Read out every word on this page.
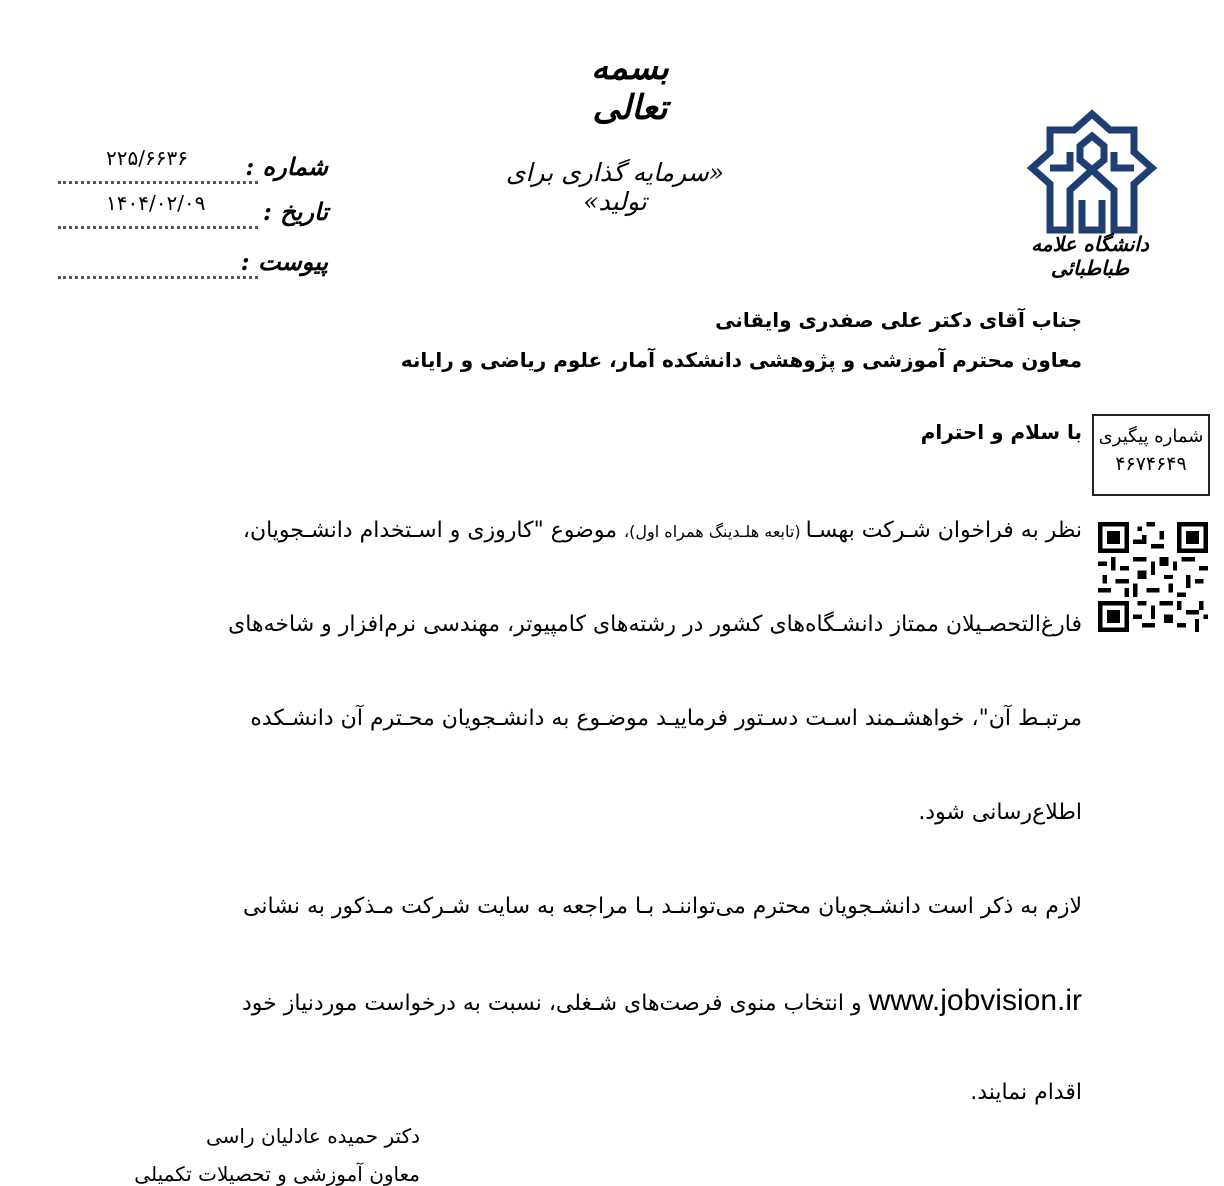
بسمه تعالی
«سرمایه گذاری برای تولید»
شماره :
۲۲۵/۶۶۳۶
تاریخ :
۱۴۰۴/۰۲/۰۹
پیوست :
دانشگاه علامه طباطبائی
جناب آقای دکتر علی صفدری وایقانی
معاون محترم آموزشی و پژوهشی دانشکده آمار، علوم ریاضی و رایانه
شماره پیگیری
۴۶۷۴۶۴۹
با سلام و احترام
نظر به فراخوان شـرکت بهسـا (تابعه هلـدینگ همراه اول)، موضوع "کاروزی و اسـتخدام دانشـجویان،
فارغ‌التحصـیلان ممتاز دانشـگاه‌های کشور در رشته‌های کامپیوتر، مهندسی نرم‌افزار و شاخه‌های
مرتبـط آن"، خواهشـمند اسـت دسـتور فرماییـد موضـوع به دانشـجویان محـترم آن دانشـکده
اطلاع‌رسانی شود.
لازم به ذکر است دانشـجویان محترم می‌تواننـد بـا مراجعه به سایت شـرکت مـذکور به نشانی
www.jobvision.ir و انتخاب منوی فرصت‌های شـغلی، نسبت به درخواست موردنیاز خود
اقدام نمایند.
دکتر حمیده عادلیان راسی
معاون آموزشی و تحصیلات تکمیلی
